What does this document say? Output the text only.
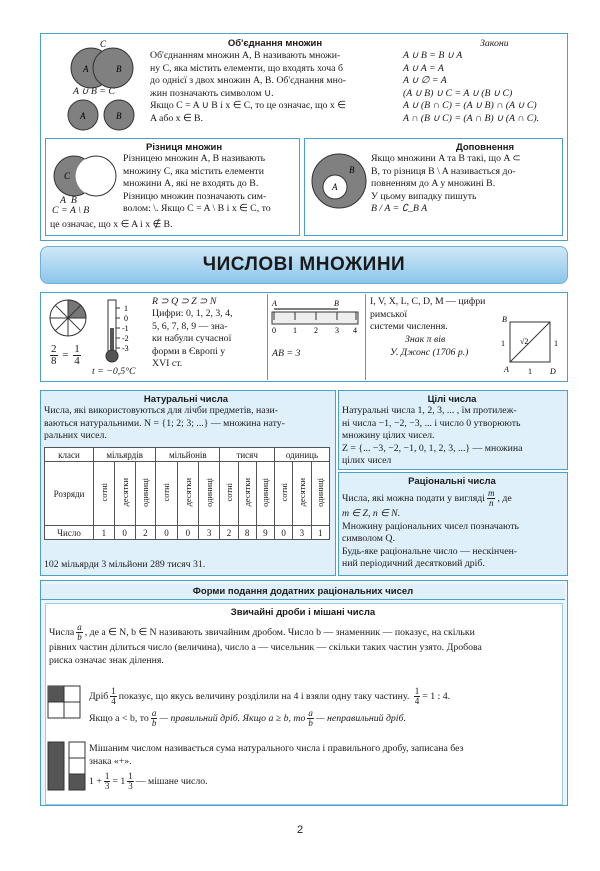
Об'єднання множин
C
A	B
A ∪ B = C
A	B
Об'єднанням множин A, B називають множи-
ну C, яка містить елементи, що входять хоча б
до однієї з двох множин A, B. Об'єднання мно-
жин позначають символом ∪.
Якщо C = A ∪ B і x ∈ C, то це означає, що x ∈
A або x ∈ B.
Закони
A ∪ B = B ∪ A
A ∪ A = A
A ∪ ∅ = A
(A ∪ B) ∪ C = A ∪ (B ∪ C)
A ∪ (B ∩ C) = (A ∪ B) ∩ (A ∪ C)
A ∩ (B ∪ C) = (A ∩ B) ∪ (A ∩ C).
Різниця множин
C
A B
C = A \ B
Різницею множин A, B називають
множину C, яка містить елементи
множини A, які не входять до B.
Різницю множин позначають сим-
волом: \. Якщо C = A \ B і x ∈ C, то
це означає, що x ∈ A і x ∉ B.
Доповнення
B
A
Якщо множини A та B такі, що A ⊂
B, то різниця B \ A називається до-
повненням до A у множині B.
У цьому випадку пишуть
B / A = ∁_B A
ЧИСЛОВІ МНОЖИНИ
$\frac{2}{8} = \frac{1}{4}$
1
0
-1
-2
-3
t = −0,5°C
R ⊃ Q ⊃ Z ⊃ N
Цифри: 0, 1, 2, 3, 4,
5, 6, 7, 8, 9 — зна-
ки набули сучасної
форми в Європі у
XVI ст.
A	B
0 1 2 3 4
AB = 3
I, V, X, L, C, D, M — цифри римської
системи числення.
Знак π вів
У. Джонс (1706 р.)
B
A	D
1	1
1
√2
Натуральні числа
Числа, які використовуються для лічби предметів, нази-
ваються натуральними. N = {1; 2; 3; ...} — множина нату-
ральних чисел.
класи	мільярдів			мільйонів			тисяч			одиниць		
Розряди	сотні	десятки	одиниці	сотні	десятки	одиниці	сотні	десятки	одиниці	сотні	десятки	одиниці
Число	1	0	2	0	0	3	2	8	9	0	3	1
102 мільярди 3 мільйони 289 тисяч 31.
Цілі числа
Натуральні числа 1, 2, 3, ... , їм протилеж-
ні числа −1, −2, −3, ... і число 0 утворюють
множину цілих чисел.
Z = {... −3, −2, −1, 0, 1, 2, 3, ...} — множина
цілих чисел
Раціональні числа
Числа, які можна подати у вигляді $\frac{m}{n}$ , де
m ∈ Z, n ∈ N.
Множину раціональних чисел позначають
символом Q.
Будь-яке раціональне число — нескінчен-
ний періодичний десятковий дріб.
Форми подання додатних раціональних чисел
Звичайні дроби і мішані числа
Числа $\frac{a}{b}$ , де a ∈ N, b ∈ N називають звичайним дробом. Число b — знаменник — показує, на скільки
рівних частин ділиться число (величина), число a — чисельник — скільки таких частин узято. Дробова
риска означає знак ділення.
Дріб $\frac{1}{4}$ показує, що якусь величину розділили на 4 і взяли одну таку частину. $\frac{1}{4} = 1$ : 4.
Якщо a < b, то $\frac{a}{b}$ — правильний дріб. Якщо a ≥ b, то $\frac{a}{b}$ — неправильний дріб.
Мішаним числом називається сума натурального числа і правильного дробу, записана без
знака «+».
$1 + \frac{1}{3} = 1 \frac{1}{3}$ — мішане число.
2
